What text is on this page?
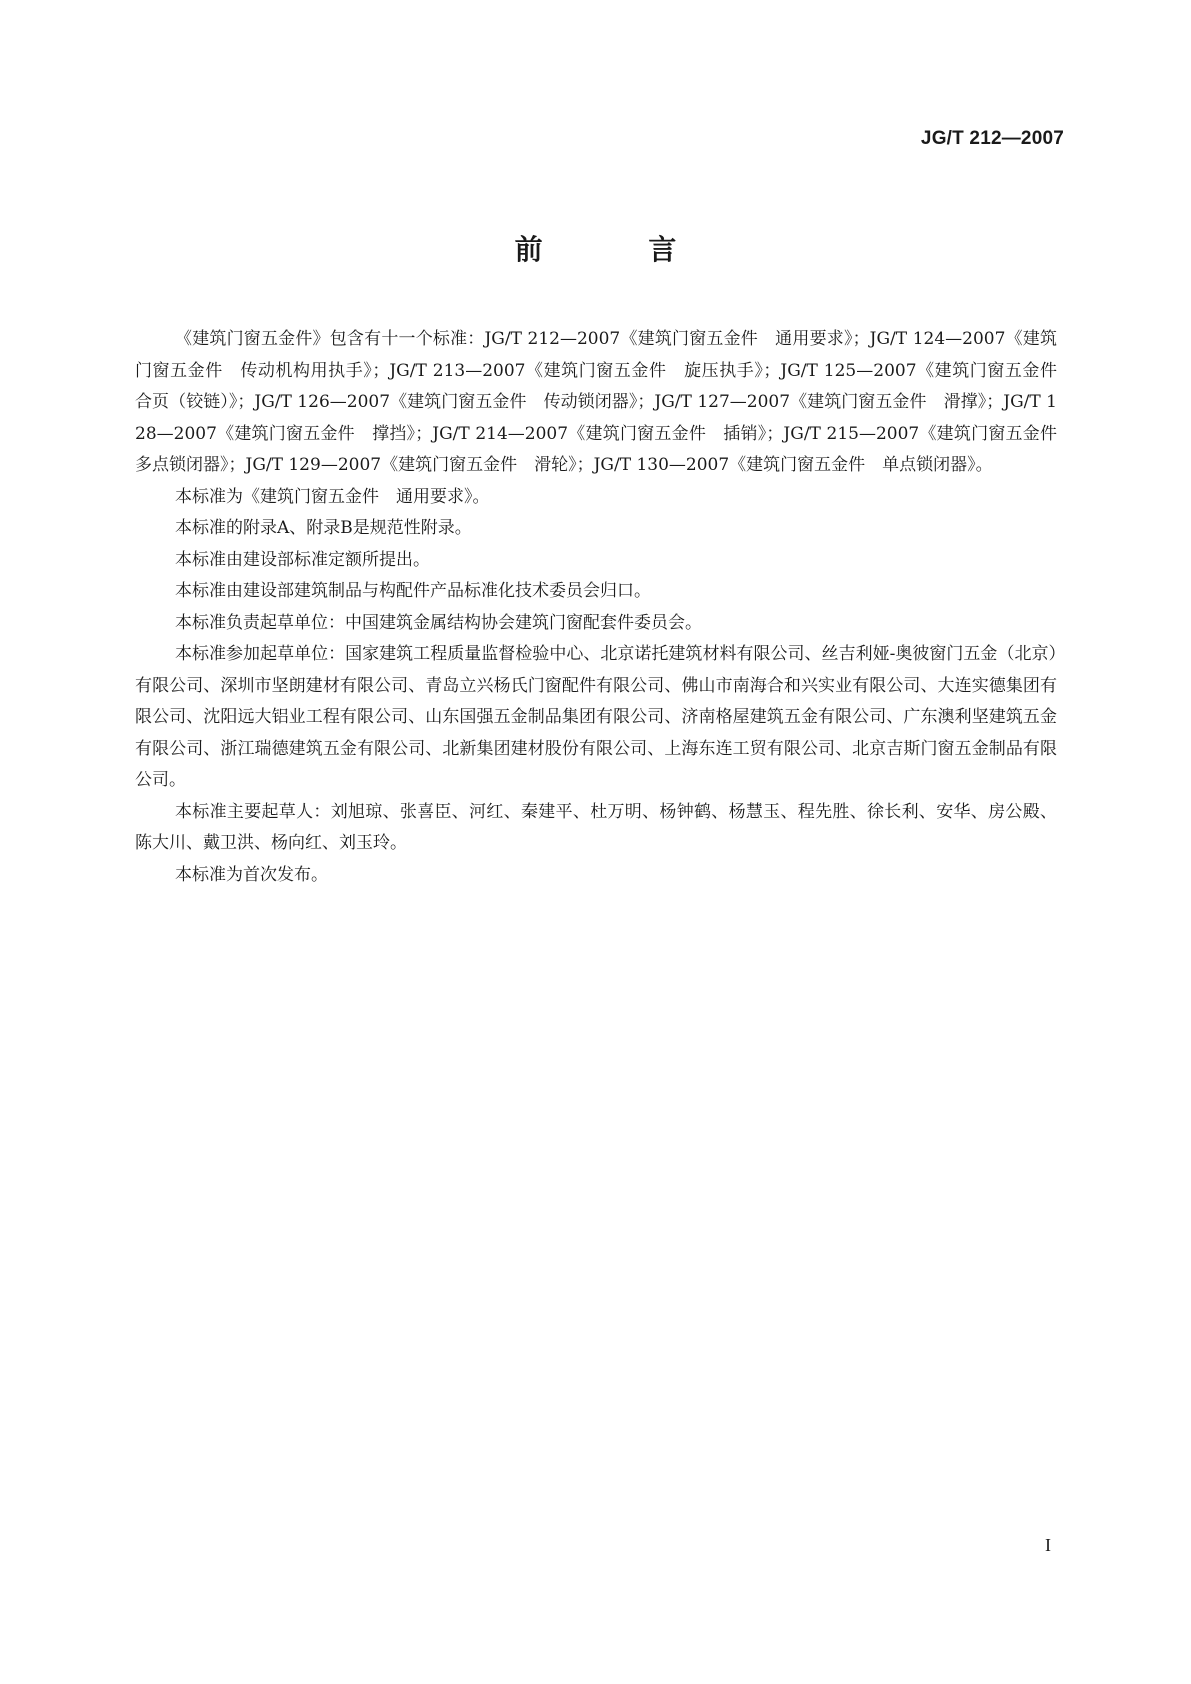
JG/T 212—2007
前 言

《建筑门窗五金件》包含有十一个标准：JG/T 212—2007《建筑门窗五金件　通用要求》；JG/T 124—2007《建筑门窗五金件　传动机构用执手》；JG/T 213—2007《建筑门窗五金件　旋压执手》；JG/T 125—2007《建筑门窗五金件　合页（铰链）》；JG/T 126—2007《建筑门窗五金件　传动锁闭器》；JG/T 127—2007《建筑门窗五金件　滑撑》；JG/T 128—2007《建筑门窗五金件　撑挡》；JG/T 214—2007《建筑门窗五金件　插销》；JG/T 215—2007《建筑门窗五金件　多点锁闭器》；JG/T 129—2007《建筑门窗五金件　滑轮》；JG/T 130—2007《建筑门窗五金件　单点锁闭器》。

本标准为《建筑门窗五金件　通用要求》。

本标准的附录A、附录B是规范性附录。

本标准由建设部标准定额所提出。

本标准由建设部建筑制品与构配件产品标准化技术委员会归口。

本标准负责起草单位：中国建筑金属结构协会建筑门窗配套件委员会。

本标准参加起草单位：国家建筑工程质量监督检验中心、北京诺托建筑材料有限公司、丝吉利娅-奥彼窗门五金（北京）有限公司、深圳市坚朗建材有限公司、青岛立兴杨氏门窗配件有限公司、佛山市南海合和兴实业有限公司、大连实德集团有限公司、沈阳远大铝业工程有限公司、山东国强五金制品集团有限公司、济南格屋建筑五金有限公司、广东澳利坚建筑五金有限公司、浙江瑞德建筑五金有限公司、北新集团建材股份有限公司、上海东连工贸有限公司、北京吉斯门窗五金制品有限公司。

本标准主要起草人：刘旭琼、张喜臣、河红、秦建平、杜万明、杨钟鹤、杨慧玉、程先胜、徐长利、安华、房公殿、陈大川、戴卫洪、杨向红、刘玉玲。

本标准为首次发布。

I
